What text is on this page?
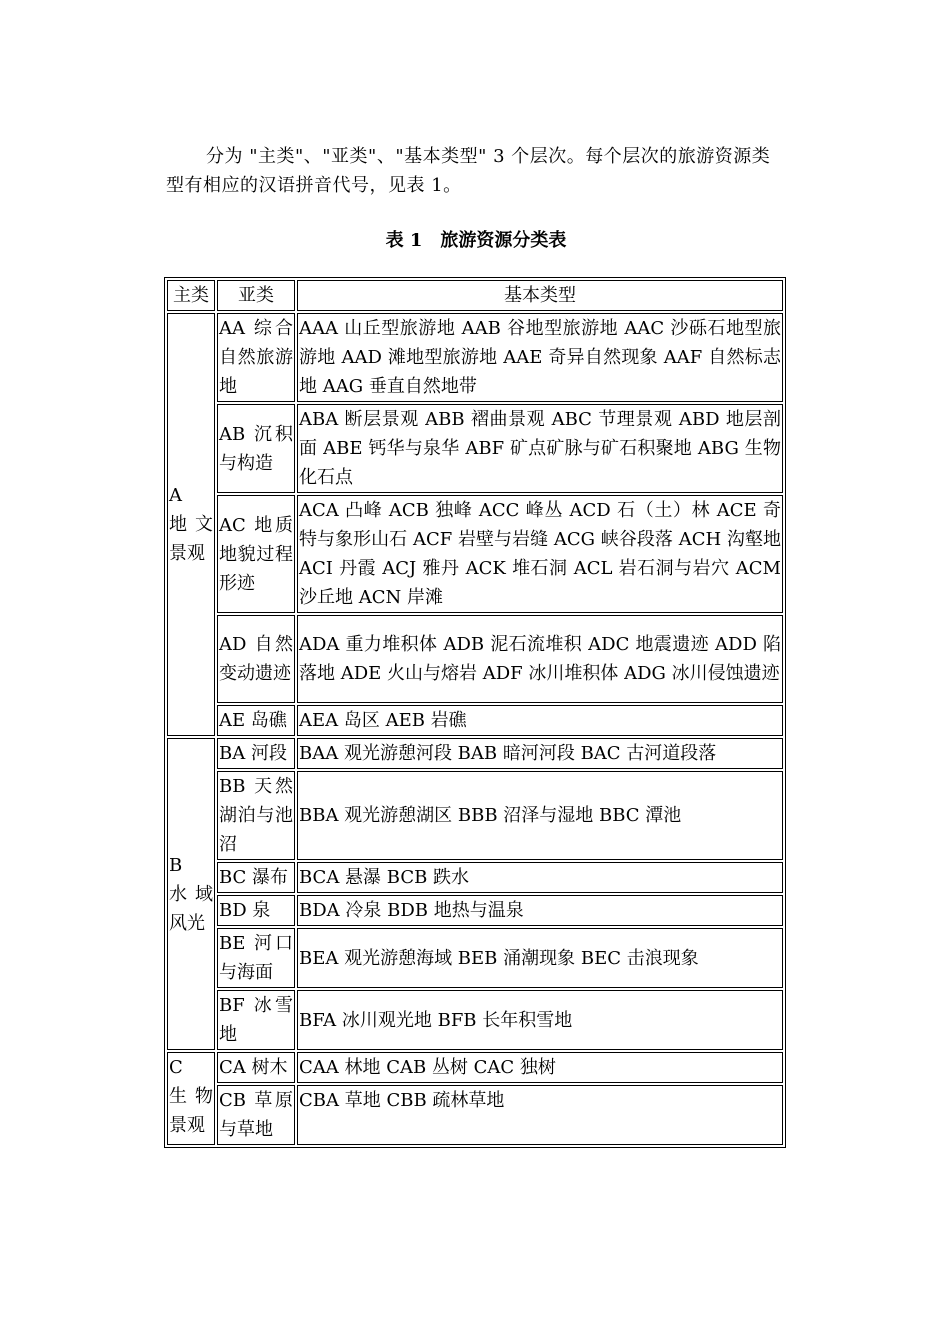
分为 "主类"、"亚类"、"基本类型" 3 个层次。每个层次的旅游资源类型有相应的汉语拼音代号，见表 1。

表 1　旅游资源分类表

主类	亚类	基本类型
A　地文景观	AA 综合自然旅游地	AAA 山丘型旅游地 AAB 谷地型旅游地 AAC 沙砾石地型旅游地 AAD 滩地型旅游地 AAE 奇异自然现象 AAF 自然标志地 AAG 垂直自然地带
	AB 沉积与构造	ABA 断层景观 ABB 褶曲景观 ABC 节理景观 ABD 地层剖面 ABE 钙华与泉华 ABF 矿点矿脉与矿石积聚地 ABG 生物化石点
	AC 地质地貌过程形迹	ACA 凸峰 ACB 独峰 ACC 峰丛 ACD 石（土）林 ACE 奇特与象形山石 ACF 岩壁与岩缝 ACG 峡谷段落 ACH 沟壑地 ACI 丹霞 ACJ 雅丹 ACK 堆石洞 ACL 岩石洞与岩穴 ACM 沙丘地 ACN 岸滩
	AD 自然变动遗迹	ADA 重力堆积体 ADB 泥石流堆积 ADC 地震遗迹 ADD 陷落地 ADE 火山与熔岩 ADF 冰川堆积体 ADG 冰川侵蚀遗迹
	AE 岛礁	AEA 岛区 AEB 岩礁
B　水域风光	BA 河段	BAA 观光游憩河段 BAB 暗河河段 BAC 古河道段落
	BB 天然湖泊与池沼	BBA 观光游憩湖区 BBB 沼泽与湿地 BBC 潭池
	BC 瀑布	BCA 悬瀑 BCB 跌水
	BD 泉	BDA 冷泉 BDB 地热与温泉
	BE 河口与海面	BEA 观光游憩海域 BEB 涌潮现象 BEC 击浪现象
	BF 冰雪地	BFA 冰川观光地 BFB 长年积雪地
C　生物景观	CA 树木	CAA 林地 CAB 丛树 CAC 独树
	CB 草原与草地	CBA 草地 CBB 疏林草地
